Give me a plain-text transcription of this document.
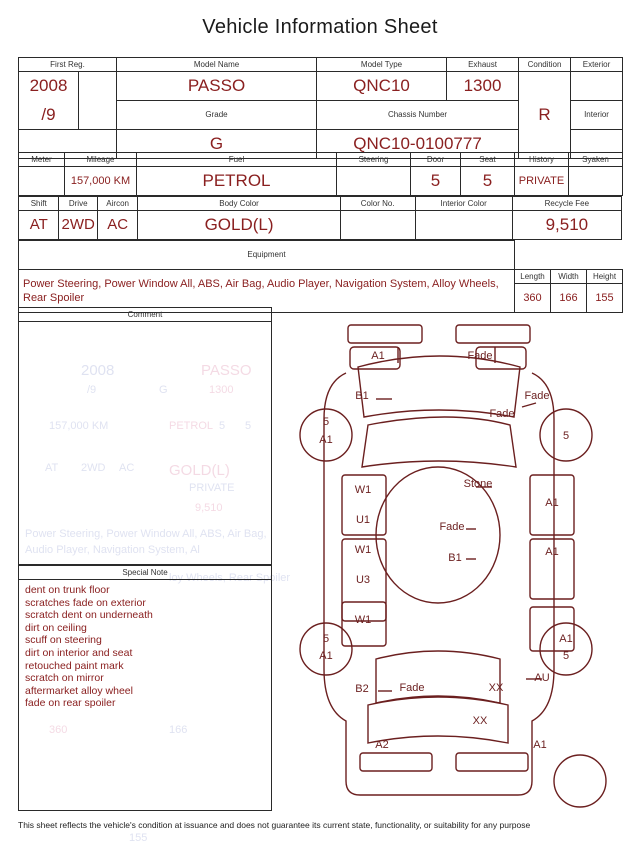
Vehicle Information Sheet
First Reg.		Model Name	Model Type	Exhaust	Condition	Exterior
2008		PASSO	QNC10	1300	R	
/9		Grade	Chassis Number			Interior
		G	QNC10-0100777			
Meter	Mileage	Fuel	Steering	Door	Seat	History	Syaken
	157,000 KM	PETROL		5	5	PRIVATE	
Shift	Drive	Aircon	Body Color	Color No.	Interior Color	Recycle Fee
AT	2WD	AC	GOLD(L)			9,510
Equipment			
Power Steering, Power Window All, ABS, Air Bag, Audio Player, Navigation System, Alloy Wheels, Rear Spoiler	Length	Width	Height
	360	166	155
Comment
2008	PASSO
/9	G	1300
157,000 KM	PETROL 5 5
AT 2WD AC GOLD(L)
PRIVATE
9,510
Power Steering, Power Window All, ABS, Air Bag,
Audio Player, Navigation System, Al
loy Wheels, Rear Spoiler
Special Note
dent on trunk floor
scratches fade on exterior
scratch dent on underneath
dirt on ceiling
scuff on steering
dirt on interior and seat
retouched paint mark
scratch on mirror
aftermarket alloy wheel
fade on rear spoiler
360	166
155
A1	Fade
B1	Fade
Fade
5
A1	5
Stone
W1
A1
U1
Fade
W1
B1	A1
U3
W1
5
A1
A1
5
B2	Fade	XX
AU
XX
A2	A1
This sheet reflects the vehicle's condition at issuance and does not guarantee its current state, functionality, or suitability for any purpose
